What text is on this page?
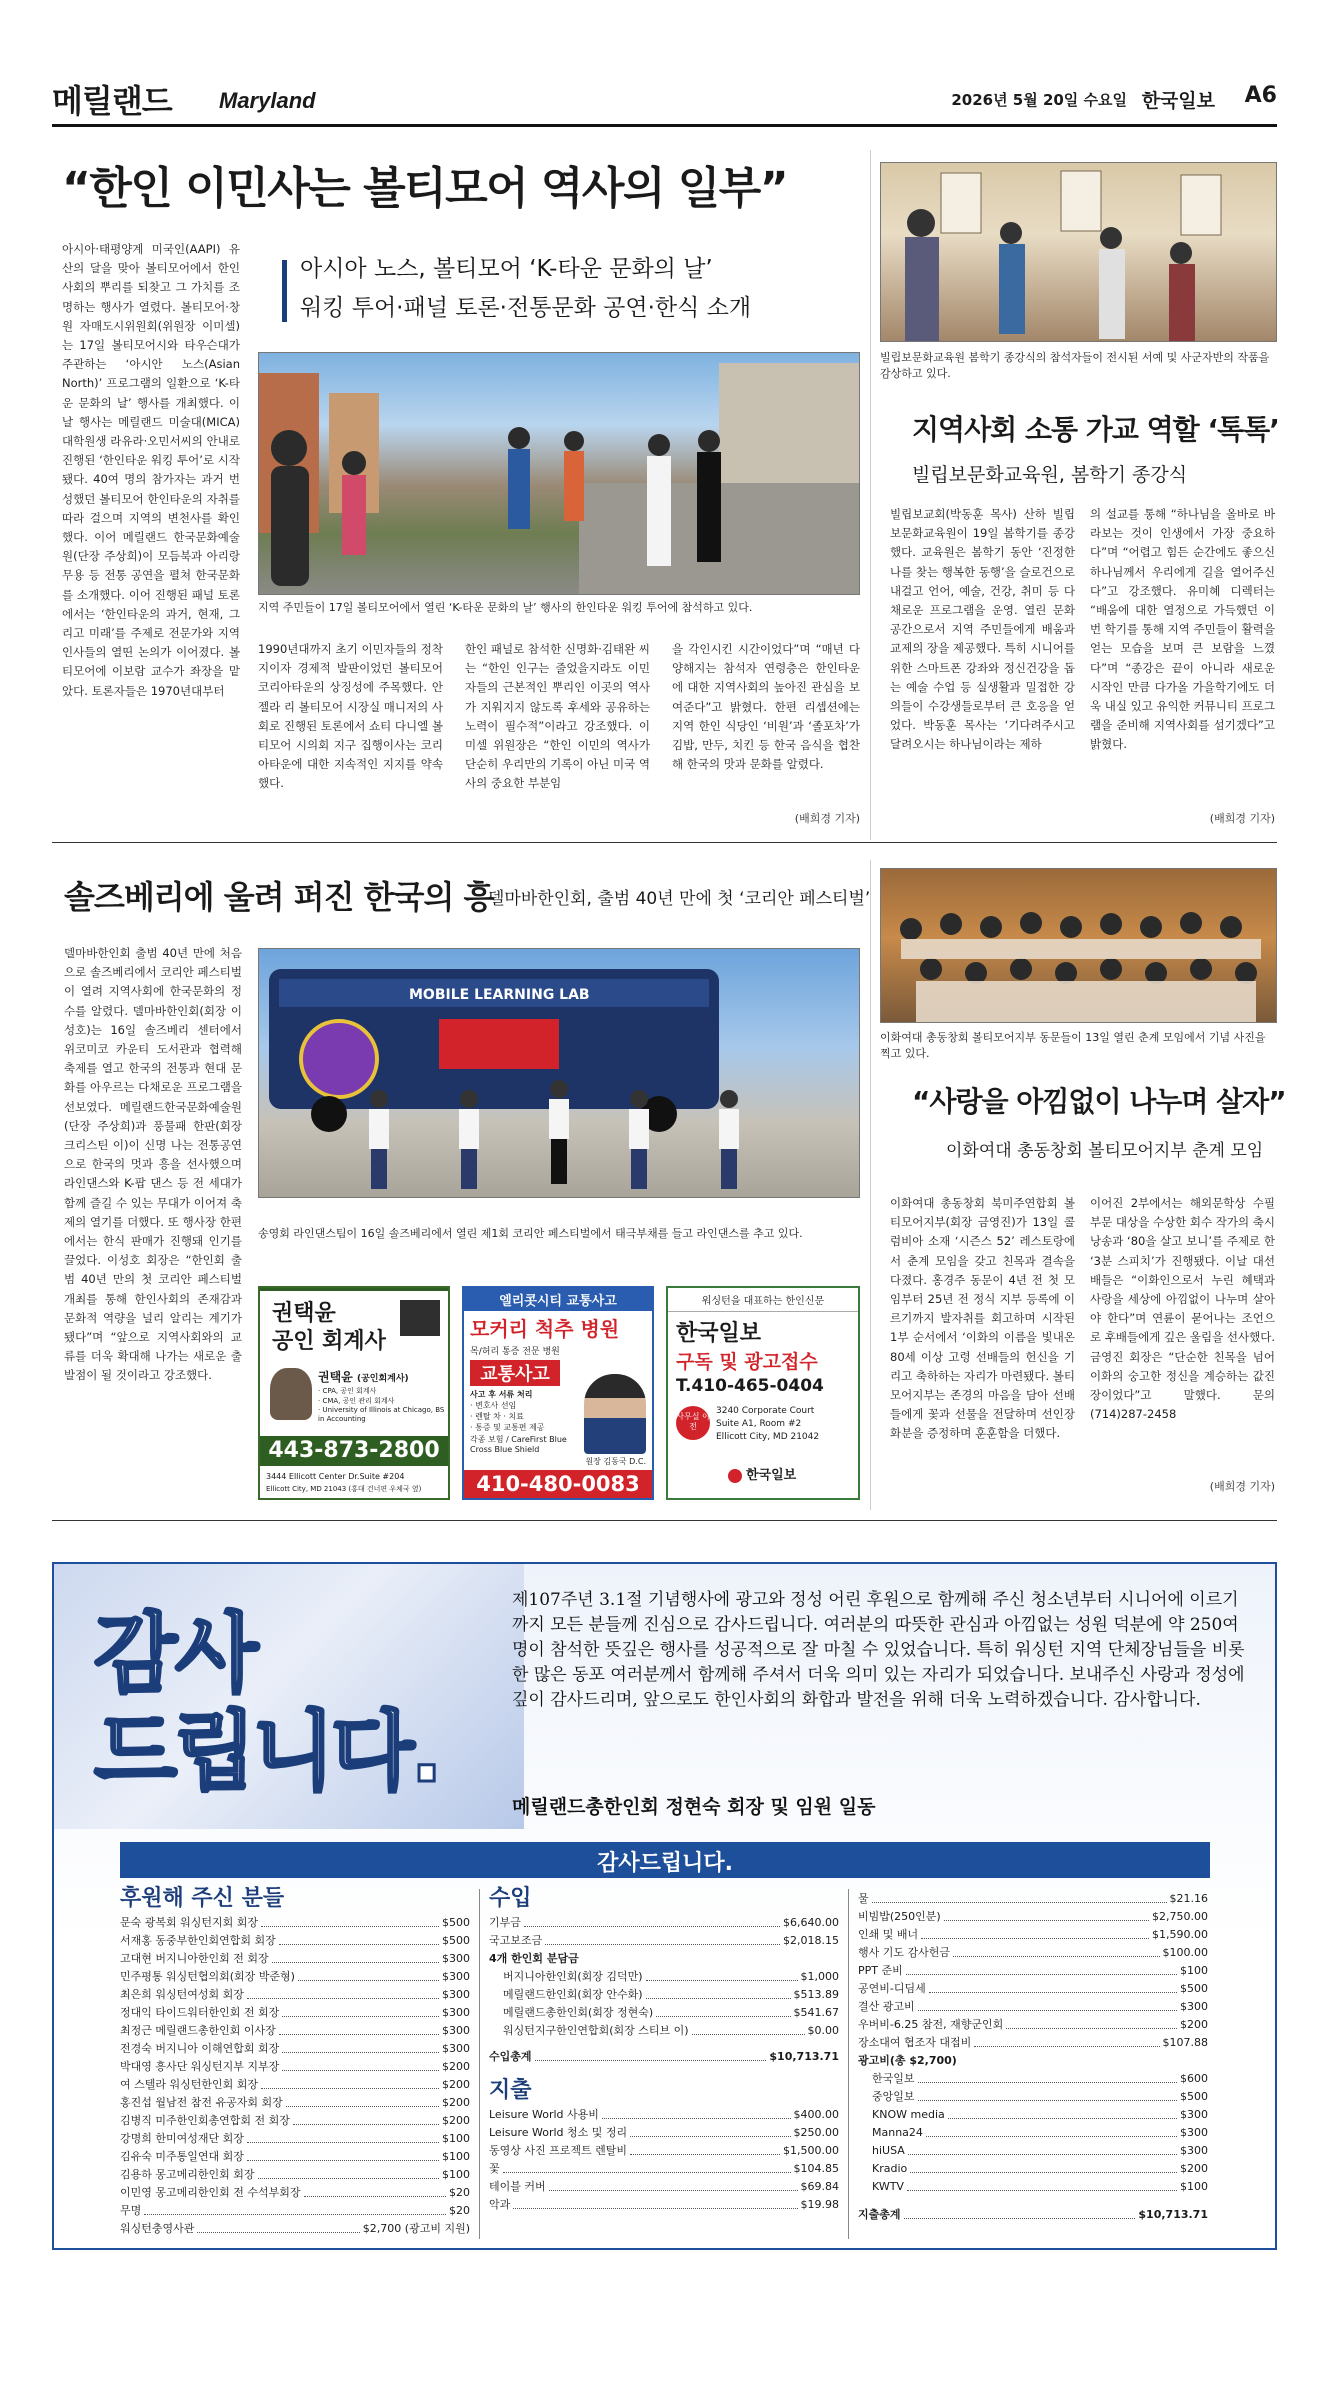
메릴랜드 Maryland	2026년 5월 20일 수요일 한국일보 A6
“한인 이민사는 볼티모어 역사의 일부”
아시아·태평양계 미국인(AAPI) 유산의 달을 맞아 볼티모어에서 한인사회의 뿌리를 되찾고 그 가치를 조명하는 행사가 열렸다. 볼티모어·창원 자매도시위원회(위원장 이미셀)는 17일 볼티모어시와 타우슨대가 주관하는 ‘아시안 노스(Asian North)’ 프로그램의 일환으로 ‘K-타운 문화의 날’ 행사를 개최했다. 이날 행사는 메릴랜드 미술대(MICA) 대학원생 라유라·오민서씨의 안내로 진행된 ‘한인타운 워킹 투어’로 시작됐다. 40여 명의 참가자는 과거 번성했던 볼티모어 한인타운의 자취를 따라 걸으며 지역의 변천사를 확인했다. 이어 메릴랜드 한국문화예술원(단장 주상희)이 모듬북과 아리랑 무용 등 전통 공연을 펼쳐 한국문화를 소개했다. 이어 진행된 패널 토론에서는 ‘한인타운의 과거, 현재, 그리고 미래’를 주제로 전문가와 지역 인사들의 열띤 논의가 이어졌다. 볼티모어에 이보람 교수가 좌장을 맡았다. 토론자들은 1970년대부터
아시아 노스, 볼티모어 ‘K-타운 문화의 날’
워킹 투어·패널 토론·전통문화 공연·한식 소개
지역 주민들이 17일 볼티모어에서 열린 ‘K-타운 문화의 날’ 행사의 한인타운 워킹 투어에 참석하고 있다.
1990년대까지 초기 이민자들의 정착지이자 경제적 발판이었던 볼티모어 코리아타운의 상징성에 주목했다. 안젤라 리 볼티모어 시장실 매니저의 사회로 진행된 토론에서 쇼티 다니엘 볼티모어 시의회 지구 집행이사는 코리아타운에 대한 지속적인 지지를 약속했다.
한인 패널로 참석한 신명화·김태완 씨는 “한인 인구는 줄었을지라도 이민자들의 근본적인 뿌리인 이곳의 역사가 지워지지 않도록 후세와 공유하는 노력이 필수적”이라고 강조했다. 이미셀 위원장은 “한인 이민의 역사가 단순히 우리만의 기록이 아닌 미국 역사의 중요한 부분임
을 각인시킨 시간이었다”며 “매년 다양해지는 참석자 연령층은 한인타운에 대한 지역사회의 높아진 관심을 보여준다”고 밝혔다. 한편 리셉션에는 지역 한인 식당인 ‘비원’과 ‘졸포차’가 김밥, 만두, 치킨 등 한국 음식을 협찬해 한국의 맛과 문화를 알렸다.
(배희경 기자)
빌립보문화교육원 봄학기 종강식의 참석자들이 전시된 서예 및 사군자반의 작품을 감상하고 있다.
지역사회 소통 가교 역할 ‘톡톡’
빌립보문화교육원, 봄학기 종강식
빌립보교회(박동훈 목사) 산하 빌립보문화교육원이 19일 봄학기를 종강했다. 교육원은 봄학기 동안 ‘진정한 나를 찾는 행복한 동행’을 슬로건으로 내걸고 언어, 예술, 건강, 취미 등 다채로운 프로그램을 운영. 열린 문화 공간으로서 지역 주민들에게 배움과 교제의 장을 제공했다. 특히 시니어를 위한 스마트폰 강좌와 정신건강을 돕는 예술 수업 등 실생활과 밀접한 강의들이 수강생들로부터 큰 호응을 얻었다. 박동훈 목사는 ‘기다려주시고 달려오시는 하나님이라는 제하
의 설교를 통해 “하나님을 올바로 바라보는 것이 인생에서 가장 중요하다”며 “어렵고 힘든 순간에도 좋으신 하나님께서 우리에게 길을 열어주신다”고 강조했다. 유미혜 디렉터는 “배움에 대한 열정으로 가득했던 이번 학기를 통해 지역 주민들이 활력을 얻는 모습을 보며 큰 보람을 느꼈다”며 “종강은 끝이 아니라 새로운 시작인 만큼 다가올 가을학기에도 더욱 내실 있고 유익한 커뮤니티 프로그램을 준비해 지역사회를 섬기겠다”고 밝혔다.
(배희경 기자)
솔즈베리에 울려 퍼진 한국의 흥
델마바한인회, 출범 40년 만에 첫 ‘코리안 페스티벌’
델마바한인회 출범 40년 만에 처음으로 솔즈베리에서 코리안 페스티벌이 열려 지역사회에 한국문화의 정수를 알렸다. 델마바한인회(회장 이성호)는 16일 솔즈베리 센터에서 위코미코 카운티 도서관과 협력해 축제를 열고 한국의 전통과 현대 문화를 아우르는 다채로운 프로그램을 선보였다. 메릴랜드한국문화예술원(단장 주상희)과 풍물패 한판(회장 크리스틴 이)이 신명 나는 전통공연으로 한국의 멋과 흥을 선사했으며 라인댄스와 K-팝 댄스 등 전 세대가 함께 즐길 수 있는 무대가 이어져 축제의 열기를 더했다. 또 행사장 한편에서는 한식 판매가 진행돼 인기를 끌었다. 이성호 회장은 “한인회 출범 40년 만의 첫 코리안 페스티벌 개최를 통해 한인사회의 존재감과 문화적 역량을 널리 알리는 계기가 됐다”며 “앞으로 지역사회와의 교류를 더욱 확대해 나가는 새로운 출발점이 될 것이라고 강조했다.
MOBILE LEARNING LAB
송영회 라인댄스팀이 16일 솔즈베리에서 열린 제1회 코리안 페스티벌에서 태극부채를 들고 라인댄스를 추고 있다.
권택윤
공인 회계사
권택윤 (공인회계사)
· CPA, 공인 회계사
· CMA, 공인 관리 회계사
· University of Illinois at Chicago, BS in Accounting
443-873-2800
3444 Ellicott Center Dr.Suite #204
Ellicott City, MD 21043 (홍대 건너편 우체국 옆)
엘리콧시티 교통사고
모커리 척추 병원
목/허리 통증 전문 병원
교통사고
사고 후 서류 처리
· 변호사 선임
· 렌탈 차 · 치료
· 통증 및 교통편 제공
각종 보험 / CareFirst Blue Cross Blue Shield
원장 김동국 D.C.
410-480-0083
워싱턴을 대표하는 한인신문
한국일보
구독 및 광고접수
T.410-465-0404
사무실 이전
3240 Corporate Court
Suite A1, Room #2
Ellicott City, MD 21042
한국일보
이화여대 총동창회 볼티모어지부 동문들이 13일 열린 춘계 모임에서 기념 사진을 찍고 있다.
“사랑을 아낌없이 나누며 살자”
이화여대 총동창회 볼티모어지부 춘계 모임
이화여대 총동창회 북미주연합회 볼티모어지부(회장 금영진)가 13일 콜럼비아 소재 ‘시즌스 52’ 레스토랑에서 춘계 모임을 갖고 친목과 결속을 다졌다. 홍경주 동문이 4년 전 첫 모임부터 25년 전 정식 지부 등록에 이르기까지 발자취를 회고하며 시작된 1부 순서에서 ‘이화의 이름을 빛내온 80세 이상 고령 선배들의 헌신을 기리고 축하하는 자리가 마련됐다. 볼티모어지부는 존경의 마음을 담아 선배들에게 꽃과 선물을 전달하며 선인장 화분을 증정하며 훈훈함을 더했다.
이어진 2부에서는 해외문학상 수필 부문 대상을 수상한 회수 작가의 축시 낭송과 ‘80을 살고 보니’를 주제로 한 ‘3분 스피치’가 진행됐다. 이날 대선배들은 “이화인으로서 누린 혜택과 사랑을 세상에 아낌없이 나누며 살아야 한다”며 연륜이 묻어나는 조언으로 후배들에게 깊은 울림을 선사했다. 금영진 회장은 “단순한 친목을 넘어 이화의 숭고한 정신을 계승하는 값진 장이었다”고 말했다. 문의 (714)287-2458
(배희경 기자)
감사
드립니다.
제107주년 3.1절 기념행사에 광고와 정성 어린 후원으로 함께해 주신 청소년부터 시니어에 이르기까지 모든 분들께 진심으로 감사드립니다. 여러분의 따뜻한 관심과 아낌없는 성원 덕분에 약 250여 명이 참석한 뜻깊은 행사를 성공적으로 잘 마칠 수 있었습니다. 특히 워싱턴 지역 단체장님들을 비롯한 많은 동포 여러분께서 함께해 주셔서 더욱 의미 있는 자리가 되었습니다. 보내주신 사랑과 정성에 깊이 감사드리며, 앞으로도 한인사회의 화합과 발전을 위해 더욱 노력하겠습니다. 감사합니다.
메릴랜드총한인회 정현숙 회장 및 임원 일동
감사드립니다.
후원해 주신 분들
문숙 광복회 워싱턴지회 회장	$500
서재홍 동중부한인회연합회 회장	$500
고대현 버지니아한인회 전 회장	$300
민주평통 워싱턴협의회(회장 박준형)	$300
최은희 워싱턴여성회 회장	$300
정대익 타이드워터한인회 전 회장	$300
최정근 메릴랜드총한인회 이사장	$300
전경숙 버지니아 이해연합회 회장	$300
박대영 흥사단 워싱턴지부 지부장	$200
여 스텔라 워싱턴한인회 회장	$200
홍진섭 월남전 참전 유공자회 회장	$200
김병직 미주한인회총연합회 전 회장	$200
강명희 한미여성재단 회장	$100
김유숙 미주통일연대 회장	$100
김용하 몽고메리한인회 회장	$100
이민영 몽고메리한인회 전 수석부회장	$20
무명	$20
워싱턴충영사관	$2,700 (광고비 지원)
수입
기부금	$6,640.00
국고보조금	$2,018.15
4개 한인회 분담금
버지니아한인회(회장 김덕만)	$1,000
메릴랜드한인회(회장 안수화)	$513.89
메릴랜드총한인회(회장 정현숙)	$541.67
워싱턴지구한인연합회(회장 스티브 이)	$0.00
수입총계	$10,713.71
지출
Leisure World 사용비	$400.00
Leisure World 청소 및 정리	$250.00
동영상 사진 프로젝트 렌탈비	$1,500.00
꽃	$104.85
테이블 커버	$69.84
악과	$19.98
물	$21.16
비빔밥(250인분)	$2,750.00
인쇄 및 배너	$1,590.00
행사 기도 감사헌금	$100.00
PPT 준비	$100
공연비-디딤세	$500
결산 광고비	$300
우버비-6.25 참전, 재향군인회	$200
장소대여 협조자 대접비	$107.88
광고비(총 $2,700)
한국일보	$600
중앙일보	$500
KNOW media	$300
Manna24	$300
hiUSA	$300
Kradio	$200
KWTV	$100
지출총계	$10,713.71
